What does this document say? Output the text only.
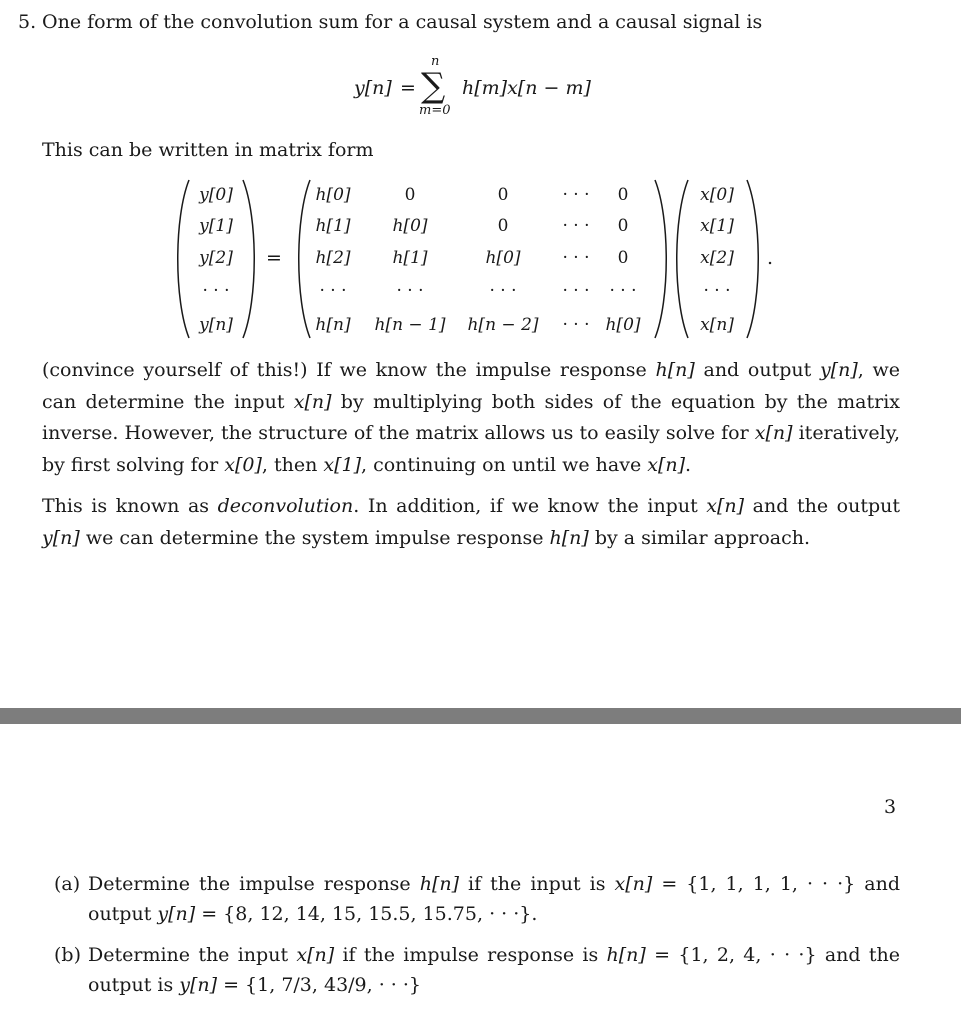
5. One form of the convolution sum for a causal system and a causal signal is
y[n] =
n
∑
m=0
h[m]x[n − m]
This can be written in matrix form
y[0]
y[1]
y[2]
· · ·
y[n]
=
h[0]
h[1]
h[2]
· · ·
h[n]
0
h[0]
h[1]
· · ·
h[n − 1]
0
0
h[0]
· · ·
h[n − 2]
· · ·
· · ·
· · ·
· · ·
· · ·
0
0
0
· · ·
h[0]
x[0]
x[1]
x[2]
· · ·
x[n]
.
(convince yourself of this!) If we know the impulse response h[n] and output y[n], we can determine the input x[n] by multiplying both sides of the equation by the matrix inverse. However, the structure of the matrix allows us to easily solve for x[n] iteratively, by first solving for x[0], then x[1], continuing on until we have x[n].
This is known as deconvolution. In addition, if we know the input x[n] and the output y[n] we can determine the system impulse response h[n] by a similar approach.
3
(a) Determine the impulse response h[n] if the input is x[n] = {1, 1, 1, 1, · · ·} and output y[n] = {8, 12, 14, 15, 15.5, 15.75, · · ·}.
(b) Determine the input x[n] if the impulse response is h[n] = {1, 2, 4, · · ·} and the output is y[n] = {1, 7/3, 43/9, · · ·}
